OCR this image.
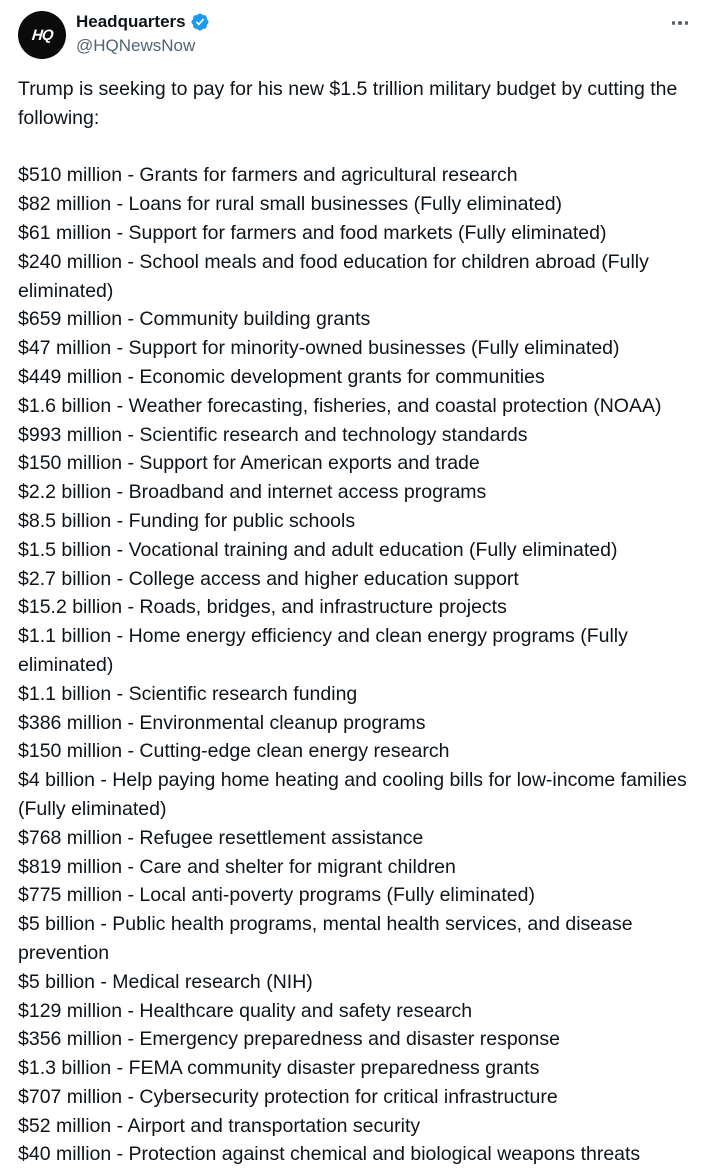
HQ
Headquarters
@HQNewsNow

Trump is seeking to pay for his new $1.5 trillion military budget by cutting the following:

$510 million - Grants for farmers and agricultural research
$82 million - Loans for rural small businesses (Fully eliminated)
$61 million - Support for farmers and food markets (Fully eliminated)
$240 million - School meals and food education for children abroad (Fully eliminated)
$659 million - Community building grants
$47 million - Support for minority-owned businesses (Fully eliminated)
$449 million - Economic development grants for communities
$1.6 billion - Weather forecasting, fisheries, and coastal protection (NOAA)
$993 million - Scientific research and technology standards
$150 million - Support for American exports and trade
$2.2 billion - Broadband and internet access programs
$8.5 billion - Funding for public schools
$1.5 billion - Vocational training and adult education (Fully eliminated)
$2.7 billion - College access and higher education support
$15.2 billion - Roads, bridges, and infrastructure projects
$1.1 billion - Home energy efficiency and clean energy programs (Fully eliminated)
$1.1 billion - Scientific research funding
$386 million - Environmental cleanup programs
$150 million - Cutting-edge clean energy research
$4 billion - Help paying home heating and cooling bills for low-income families (Fully eliminated)
$768 million - Refugee resettlement assistance
$819 million - Care and shelter for migrant children
$775 million - Local anti-poverty programs (Fully eliminated)
$5 billion - Public health programs, mental health services, and disease prevention
$5 billion - Medical research (NIH)
$129 million - Healthcare quality and safety research
$356 million - Emergency preparedness and disaster response
$1.3 billion - FEMA community disaster preparedness grants
$707 million - Cybersecurity protection for critical infrastructure
$52 million - Airport and transportation security
$40 million - Protection against chemical and biological weapons threats
